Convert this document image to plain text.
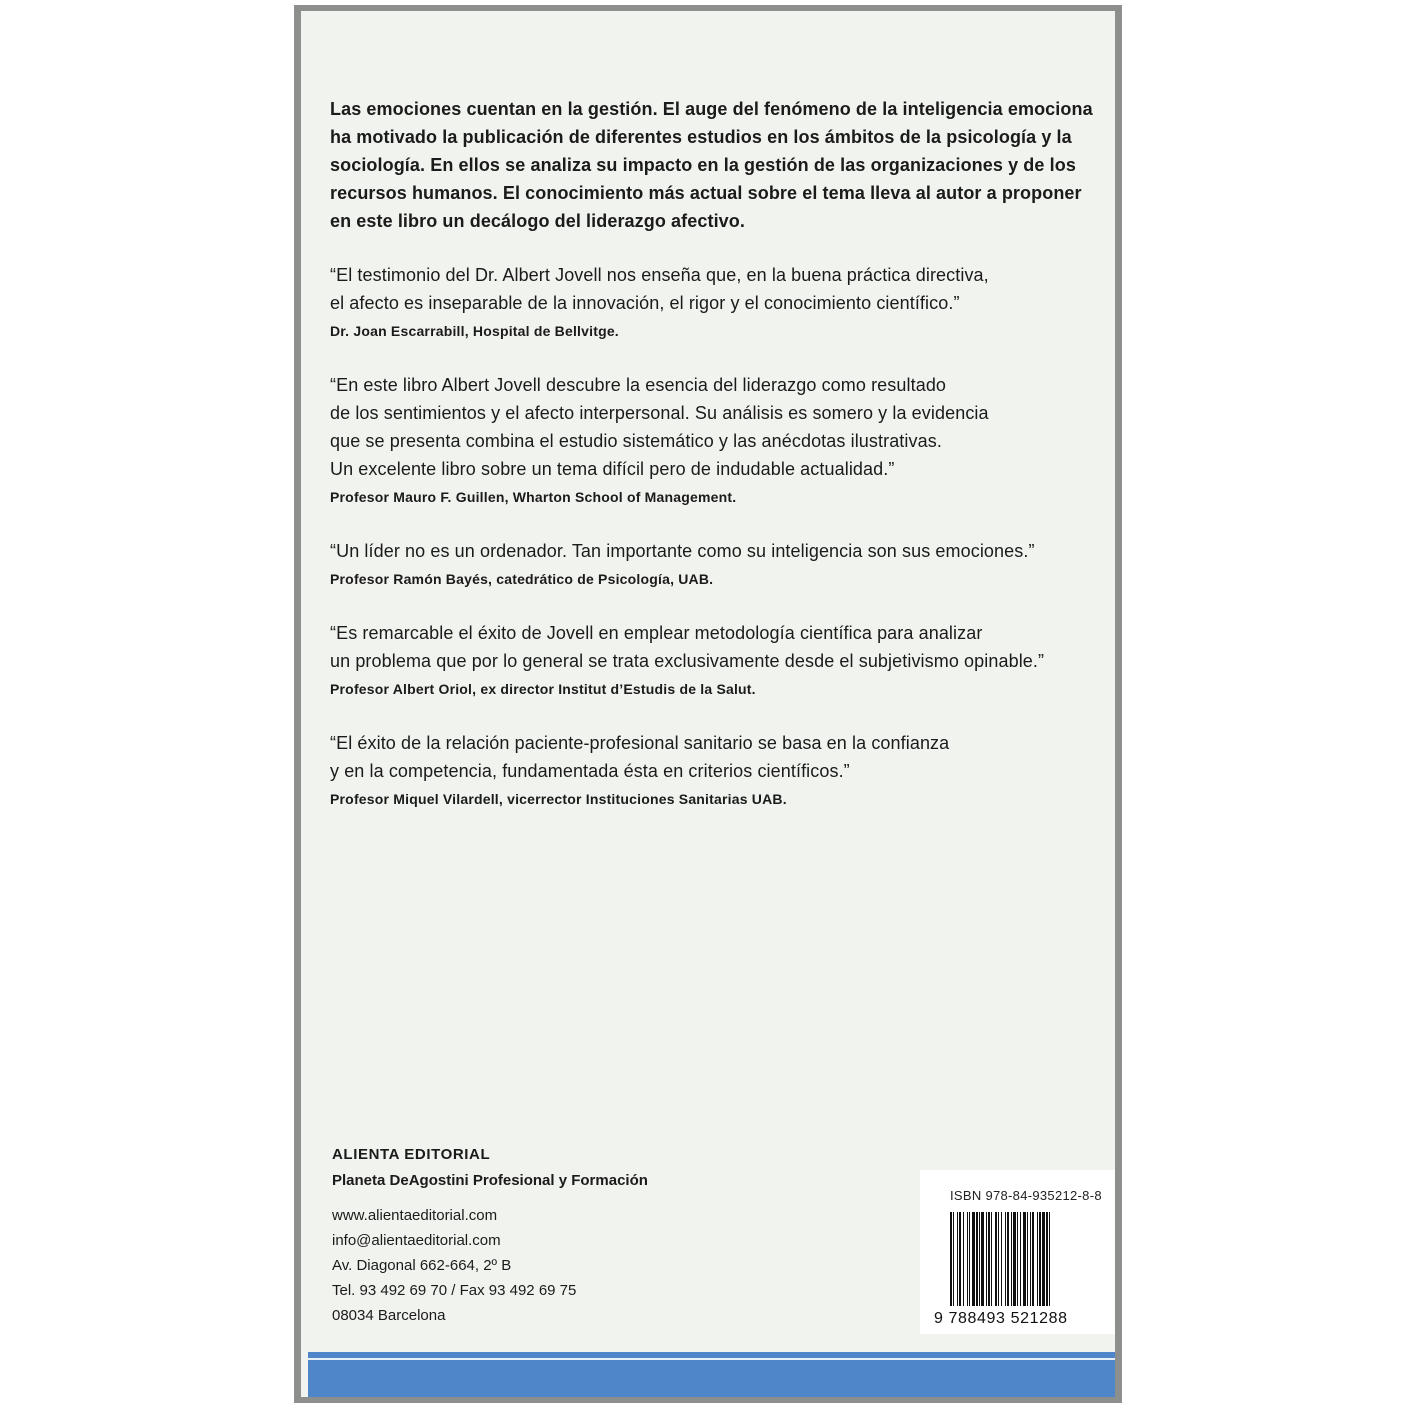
Las emociones cuentan en la gestión. El auge del fenómeno de la inteligencia emociona
ha motivado la publicación de diferentes estudios en los ámbitos de la psicología y la
sociología. En ellos se analiza su impacto en la gestión de las organizaciones y de los
recursos humanos. El conocimiento más actual sobre el tema lleva al autor a proponer
en este libro un decálogo del liderazgo afectivo.

“El testimonio del Dr. Albert Jovell nos enseña que, en la buena práctica directiva,
el afecto es inseparable de la innovación, el rigor y el conocimiento científico.”

Dr. Joan Escarrabill, Hospital de Bellvitge.

“En este libro Albert Jovell descubre la esencia del liderazgo como resultado
de los sentimientos y el afecto interpersonal. Su análisis es somero y la evidencia
que se presenta combina el estudio sistemático y las anécdotas ilustrativas.
Un excelente libro sobre un tema difícil pero de indudable actualidad.”

Profesor Mauro F. Guillen, Wharton School of Management.

“Un líder no es un ordenador. Tan importante como su inteligencia son sus emociones.”

Profesor Ramón Bayés, catedrático de Psicología, UAB.

“Es remarcable el éxito de Jovell en emplear metodología científica para analizar
un problema que por lo general se trata exclusivamente desde el subjetivismo opinable.”

Profesor Albert Oriol, ex director Institut d’Estudis de la Salut.

“El éxito de la relación paciente-profesional sanitario se basa en la confianza
y en la competencia, fundamentada ésta en criterios científicos.”

Profesor Miquel Vilardell, vicerrector Instituciones Sanitarias UAB.
ALIENTA EDITORIAL
Planeta DeAgostini Profesional y Formación
www.alientaeditorial.com
info@alientaeditorial.com
Av. Diagonal 662-664, 2º B
Tel. 93 492 69 70 / Fax 93 492 69 75
08034 Barcelona
ISBN 978-84-935212-8-8
9 788493 521288
